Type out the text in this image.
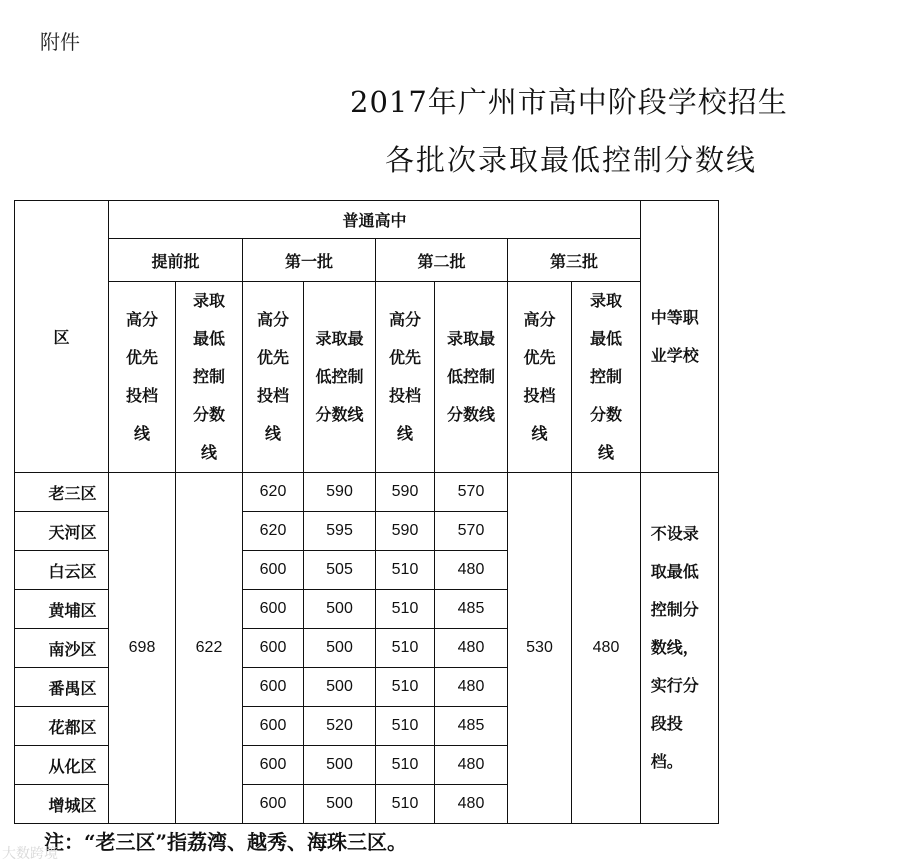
附件
2017年广州市高中阶段学校招生
各批次录取最低控制分数线
区	普通高中								中等职业学校
	提前批		第一批		第二批		第三批		
	高分优先投档线	录取最低控制分数线	高分优先投档线	录取最低控制分数线	高分优先投档线	录取最低控制分数线	高分优先投档线	录取最低控制分数线	
老三区	698	622	620	590	590	570	530	480	不设录取最低控制分数线，实行分段投档。
天河区			620	595	590	570			
白云区			600	505	510	480			
黄埔区			600	500	510	485			
南沙区			600	500	510	480			
番禺区			600	500	510	480			
花都区			600	520	510	485			
从化区			600	500	510	480			
增城区			600	500	510	480			
注：“老三区”指荔湾、越秀、海珠三区。
大数跨境
